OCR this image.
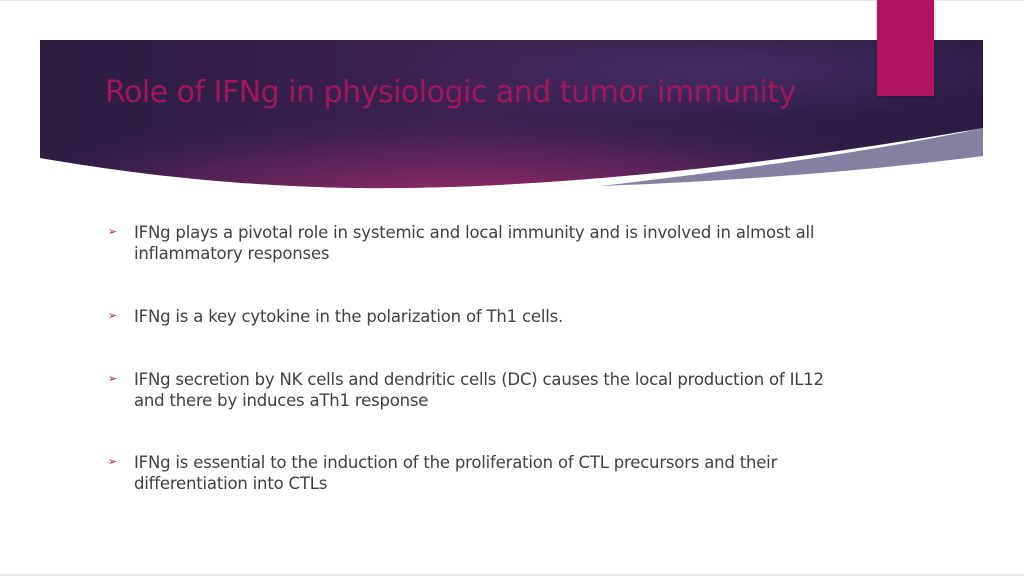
Role of IFNg in physiologic and tumor immunity
➢ IFNg plays a pivotal role in systemic and local immunity and is involved in almost all inflammatory responses
➢ IFNg is a key cytokine in the polarization of Th1 cells.
➢ IFNg secretion by NK cells and dendritic cells (DC) causes the local production of IL12 and there by induces aTh1 response
➢ IFNg is essential to the induction of the proliferation of CTL precursors and their differentiation into CTLs
